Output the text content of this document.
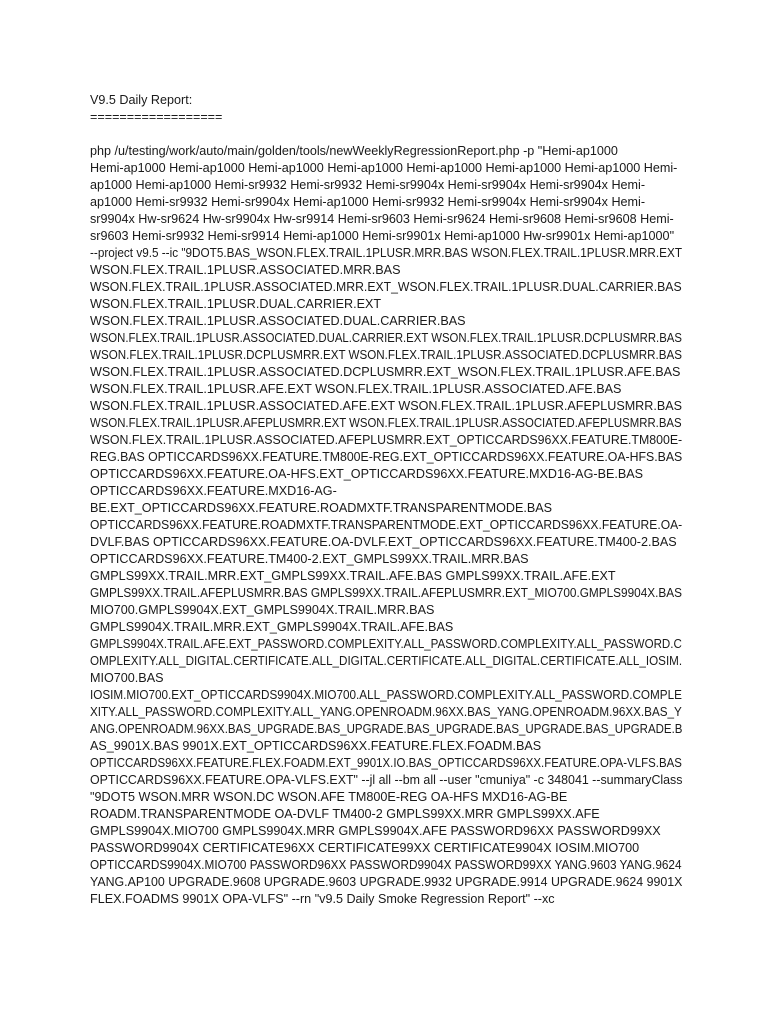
V9.5 Daily Report:
==================
php /u/testing/work/auto/main/golden/tools/newWeeklyRegressionReport.php -p "Hemi-ap1000
Hemi-ap1000 Hemi-ap1000 Hemi-ap1000 Hemi-ap1000 Hemi-ap1000 Hemi-ap1000 Hemi-ap1000 Hemi-
ap1000 Hemi-ap1000 Hemi-sr9932 Hemi-sr9932 Hemi-sr9904x Hemi-sr9904x Hemi-sr9904x Hemi-
ap1000 Hemi-sr9932 Hemi-sr9904x Hemi-ap1000 Hemi-sr9932 Hemi-sr9904x Hemi-sr9904x Hemi-
sr9904x Hw-sr9624 Hw-sr9904x Hw-sr9914 Hemi-sr9603 Hemi-sr9624 Hemi-sr9608 Hemi-sr9608 Hemi-
sr9603 Hemi-sr9932 Hemi-sr9914 Hemi-ap1000 Hemi-sr9901x Hemi-ap1000 Hw-sr9901x Hemi-ap1000"
--project v9.5 --ic "9DOT5.BAS_WSON.FLEX.TRAIL.1PLUSR.MRR.BAS WSON.FLEX.TRAIL.1PLUSR.MRR.EXT
WSON.FLEX.TRAIL.1PLUSR.ASSOCIATED.MRR.BAS
WSON.FLEX.TRAIL.1PLUSR.ASSOCIATED.MRR.EXT_WSON.FLEX.TRAIL.1PLUSR.DUAL.CARRIER.BAS
WSON.FLEX.TRAIL.1PLUSR.DUAL.CARRIER.EXT
WSON.FLEX.TRAIL.1PLUSR.ASSOCIATED.DUAL.CARRIER.BAS
WSON.FLEX.TRAIL.1PLUSR.ASSOCIATED.DUAL.CARRIER.EXT WSON.FLEX.TRAIL.1PLUSR.DCPLUSMRR.BAS
WSON.FLEX.TRAIL.1PLUSR.DCPLUSMRR.EXT WSON.FLEX.TRAIL.1PLUSR.ASSOCIATED.DCPLUSMRR.BAS
WSON.FLEX.TRAIL.1PLUSR.ASSOCIATED.DCPLUSMRR.EXT_WSON.FLEX.TRAIL.1PLUSR.AFE.BAS
WSON.FLEX.TRAIL.1PLUSR.AFE.EXT WSON.FLEX.TRAIL.1PLUSR.ASSOCIATED.AFE.BAS
WSON.FLEX.TRAIL.1PLUSR.ASSOCIATED.AFE.EXT WSON.FLEX.TRAIL.1PLUSR.AFEPLUSMRR.BAS
WSON.FLEX.TRAIL.1PLUSR.AFEPLUSMRR.EXT WSON.FLEX.TRAIL.1PLUSR.ASSOCIATED.AFEPLUSMRR.BAS
WSON.FLEX.TRAIL.1PLUSR.ASSOCIATED.AFEPLUSMRR.EXT_OPTICCARDS96XX.FEATURE.TM800E-
REG.BAS OPTICCARDS96XX.FEATURE.TM800E-REG.EXT_OPTICCARDS96XX.FEATURE.OA-HFS.BAS
OPTICCARDS96XX.FEATURE.OA-HFS.EXT_OPTICCARDS96XX.FEATURE.MXD16-AG-BE.BAS
OPTICCARDS96XX.FEATURE.MXD16-AG-
BE.EXT_OPTICCARDS96XX.FEATURE.ROADMXTF.TRANSPARENTMODE.BAS
OPTICCARDS96XX.FEATURE.ROADMXTF.TRANSPARENTMODE.EXT_OPTICCARDS96XX.FEATURE.OA-
DVLF.BAS OPTICCARDS96XX.FEATURE.OA-DVLF.EXT_OPTICCARDS96XX.FEATURE.TM400-2.BAS
OPTICCARDS96XX.FEATURE.TM400-2.EXT_GMPLS99XX.TRAIL.MRR.BAS
GMPLS99XX.TRAIL.MRR.EXT_GMPLS99XX.TRAIL.AFE.BAS GMPLS99XX.TRAIL.AFE.EXT
GMPLS99XX.TRAIL.AFEPLUSMRR.BAS GMPLS99XX.TRAIL.AFEPLUSMRR.EXT_MIO700.GMPLS9904X.BAS
MIO700.GMPLS9904X.EXT_GMPLS9904X.TRAIL.MRR.BAS
GMPLS9904X.TRAIL.MRR.EXT_GMPLS9904X.TRAIL.AFE.BAS
GMPLS9904X.TRAIL.AFE.EXT_PASSWORD.COMPLEXITY.ALL_PASSWORD.COMPLEXITY.ALL_PASSWORD.C
OMPLEXITY.ALL_DIGITAL.CERTIFICATE.ALL_DIGITAL.CERTIFICATE.ALL_DIGITAL.CERTIFICATE.ALL_IOSIM.
MIO700.BAS
IOSIM.MIO700.EXT_OPTICCARDS9904X.MIO700.ALL_PASSWORD.COMPLEXITY.ALL_PASSWORD.COMPLE
XITY.ALL_PASSWORD.COMPLEXITY.ALL_YANG.OPENROADM.96XX.BAS_YANG.OPENROADM.96XX.BAS_Y
ANG.OPENROADM.96XX.BAS_UPGRADE.BAS_UPGRADE.BAS_UPGRADE.BAS_UPGRADE.BAS_UPGRADE.B
AS_9901X.BAS 9901X.EXT_OPTICCARDS96XX.FEATURE.FLEX.FOADM.BAS
OPTICCARDS96XX.FEATURE.FLEX.FOADM.EXT_9901X.IO.BAS_OPTICCARDS96XX.FEATURE.OPA-VLFS.BAS
OPTICCARDS96XX.FEATURE.OPA-VLFS.EXT" --jl all --bm all --user "cmuniya" -c 348041 --summaryClass
"9DOT5 WSON.MRR WSON.DC WSON.AFE TM800E-REG OA-HFS MXD16-AG-BE
ROADM.TRANSPARENTMODE OA-DVLF TM400-2 GMPLS99XX.MRR GMPLS99XX.AFE
GMPLS9904X.MIO700 GMPLS9904X.MRR GMPLS9904X.AFE PASSWORD96XX PASSWORD99XX
PASSWORD9904X CERTIFICATE96XX CERTIFICATE99XX CERTIFICATE9904X IOSIM.MIO700
OPTICCARDS9904X.MIO700 PASSWORD96XX PASSWORD9904X PASSWORD99XX YANG.9603 YANG.9624
YANG.AP100 UPGRADE.9608 UPGRADE.9603 UPGRADE.9932 UPGRADE.9914 UPGRADE.9624 9901X
FLEX.FOADMS 9901X OPA-VLFS" --rn "v9.5 Daily Smoke Regression Report" --xc
